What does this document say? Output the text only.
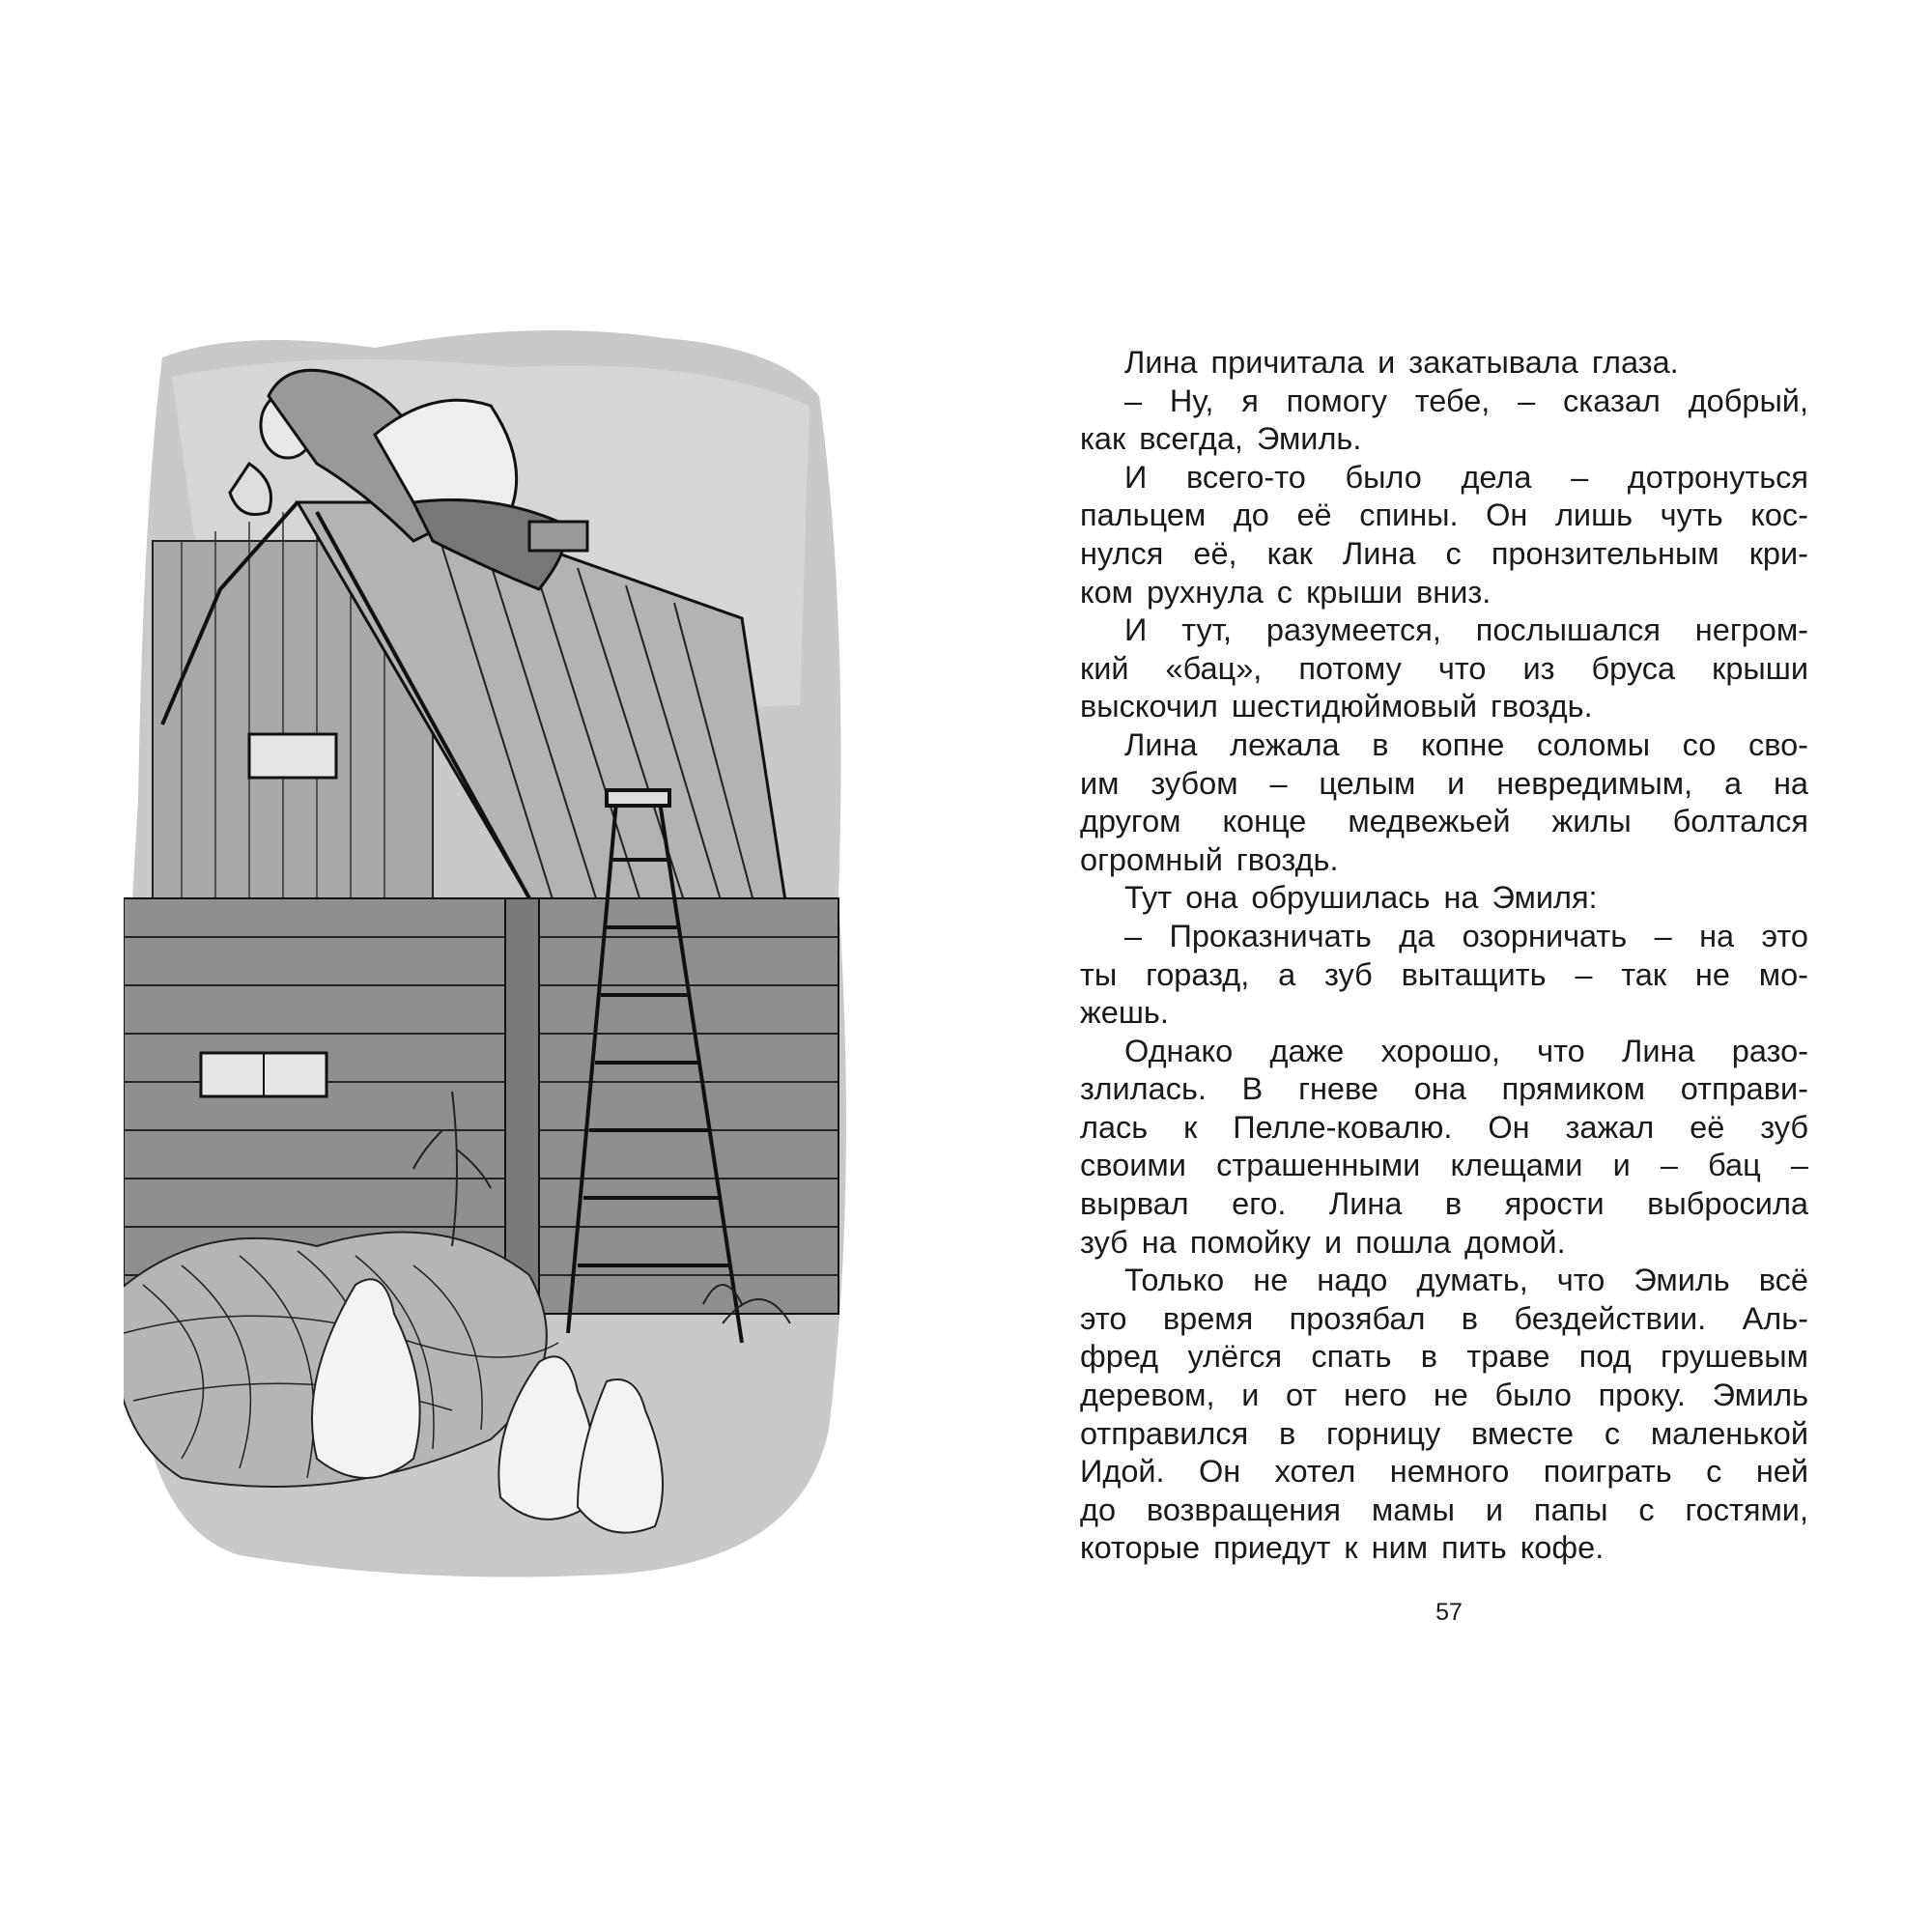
Лина причитала и закатывала глаза.
– Ну, я помогу тебе, – сказал добрый,
как всегда, Эмиль.
И всего-то было дела – дотронуться
пальцем до её спины. Он лишь чуть кос-
нулся её, как Лина с пронзительным кри-
ком рухнула с крыши вниз.
И тут, разумеется, послышался негром-
кий «бац», потому что из бруса крыши
выскочил шестидюймовый гвоздь.
Лина лежала в копне соломы со сво-
им зубом – целым и невредимым, а на
другом конце медвежьей жилы болтался
огромный гвоздь.
Тут она обрушилась на Эмиля:
– Проказничать да озорничать – на это
ты горазд, а зуб вытащить – так не мо-
жешь.
Однако даже хорошо, что Лина разо-
злилась. В гневе она прямиком отправи-
лась к Пелле-ковалю. Он зажал её зуб
своими страшенными клещами и – бац –
вырвал его. Лина в ярости выбросила
зуб на помойку и пошла домой.
Только не надо думать, что Эмиль всё
это время прозябал в бездействии. Аль-
фред улёгся спать в траве под грушевым
деревом, и от него не было проку. Эмиль
отправился в горницу вместе с маленькой
Идой. Он хотел немного поиграть с ней
до возвращения мамы и папы с гостями,
которые приедут к ним пить кофе.
57
